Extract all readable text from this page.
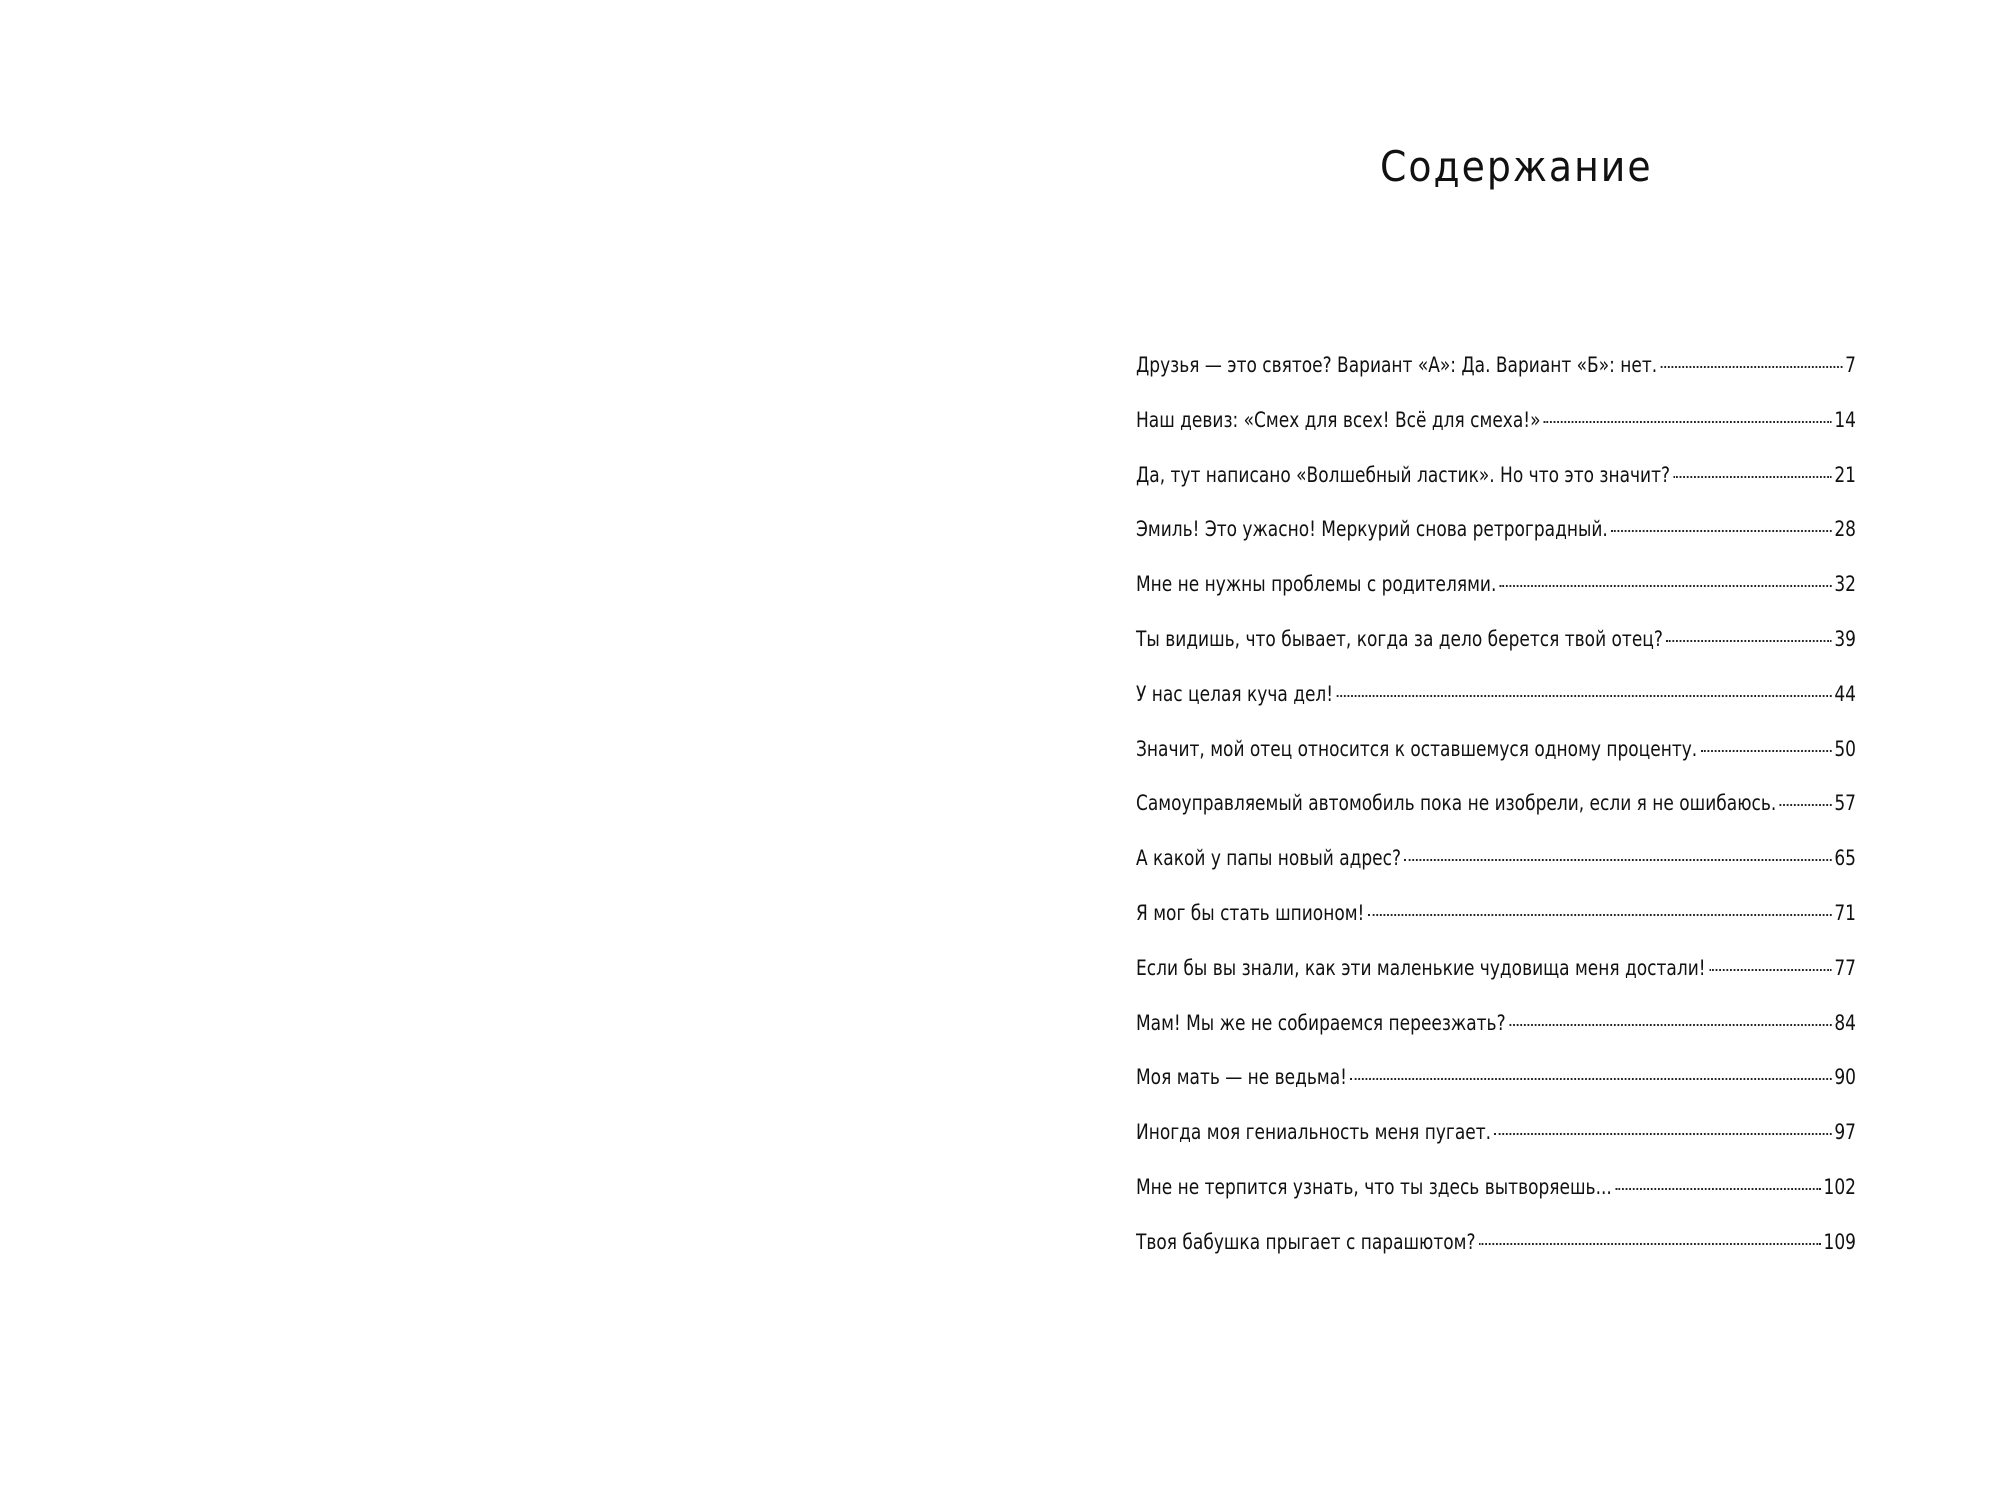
Содержание
Друзья — это святое? Вариант «А»: Да. Вариант «Б»: нет.	7
Наш девиз: «Смех для всех! Всё для смеха!»	14
Да, тут написано «Волшебный ластик». Но что это значит?	21
Эмиль! Это ужасно! Меркурий снова ретроградный.	28
Мне не нужны проблемы с родителями.	32
Ты видишь, что бывает, когда за дело берется твой отец?	39
У нас целая куча дел!	44
Значит, мой отец относится к оставшемуся одному проценту.	50
Самоуправляемый автомобиль пока не изобрели, если я не ошибаюсь.	57
А какой у папы новый адрес?	65
Я мог бы стать шпионом!	71
Если бы вы знали, как эти маленькие чудовища меня достали!	77
Мам! Мы же не собираемся переезжать?	84
Моя мать — не ведьма!	90
Иногда моя гениальность меня пугает.	97
Мне не терпится узнать, что ты здесь вытворяешь...	102
Твоя бабушка прыгает с парашютом?	109
